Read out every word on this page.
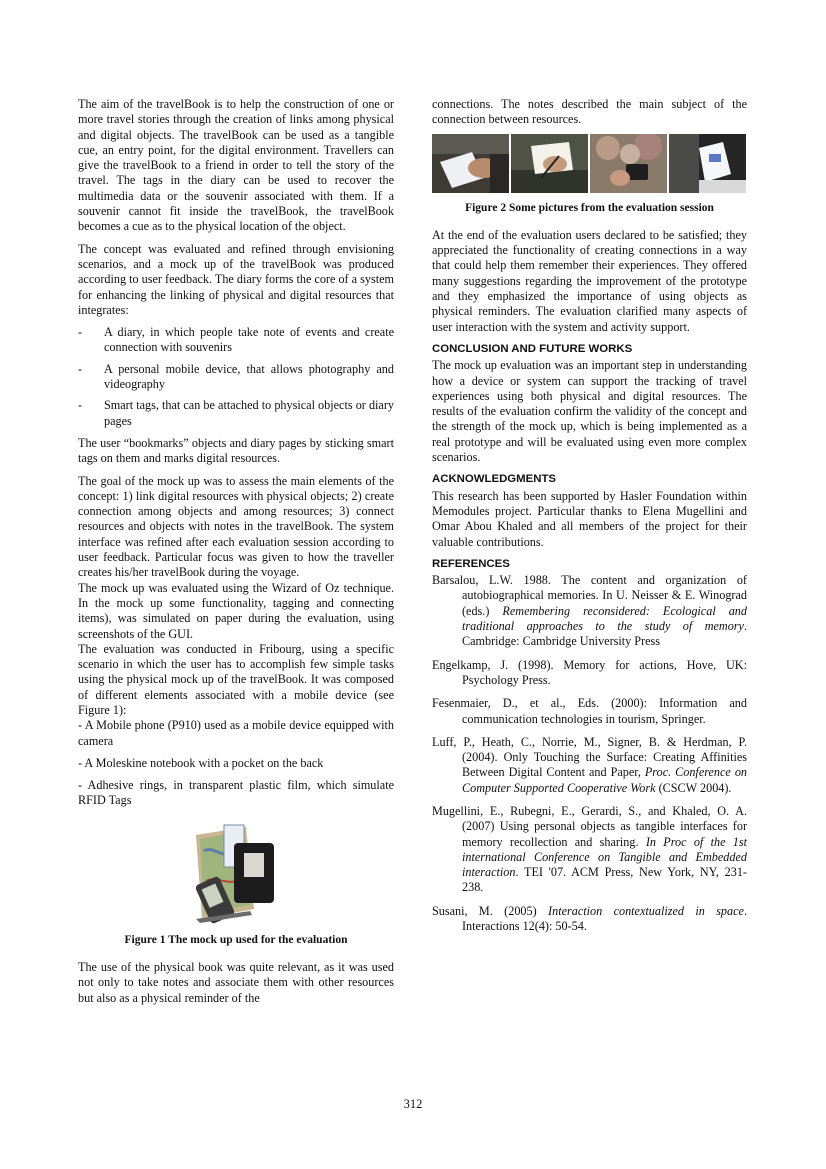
The aim of the travelBook is to help the construction of one or more travel stories through the creation of links among physical and digital objects. The travelBook can be used as a tangible cue, an entry point, for the digital environment. Travellers can give the travelBook to a friend in order to tell the story of the travel. The tags in the diary can be used to recover the multimedia data or the souvenir associated with them. If a souvenir cannot fit inside the travelBook, the travelBook becomes a cue as to the physical location of the object.

The concept was evaluated and refined through envisioning scenarios, and a mock up of the travelBook was produced according to user feedback. The diary forms the core of a system for enhancing the linking of physical and digital resources that integrates:

- A diary, in which people take note of events and create connection with souvenirs
- A personal mobile device, that allows photography and videography
- Smart tags, that can be attached to physical objects or diary pages

The user “bookmarks” objects and diary pages by sticking smart tags on them and marks digital resources.

The goal of the mock up was to assess the main elements of the concept: 1) link digital resources with physical objects; 2) create connection among objects and among resources; 3) connect resources and objects with notes in the travelBook. The system interface was refined after each evaluation session according to user feedback. Particular focus was given to how the traveller creates his/her travelBook during the voyage.

The mock up was evaluated using the Wizard of Oz technique. In the mock up some functionality, tagging and connecting items), was simulated on paper during the evaluation, using screenshots of the GUI.

The evaluation was conducted in Fribourg, using a specific scenario in which the user has to accomplish few simple tasks using the physical mock up of the travelBook. It was composed of different elements associated with a mobile device (see Figure 1):

- A Mobile phone (P910) used as a mobile device equipped with camera

- A Moleskine notebook with a pocket on the back

- Adhesive rings, in transparent plastic film, which simulate RFID Tags

Figure 1 The mock up used for the evaluation

The use of the physical book was quite relevant, as it was used not only to take notes and associate them with other resources but also as a physical reminder of the

connections. The notes described the main subject of the connection between resources.

Figure 2 Some pictures from the evaluation session

At the end of the evaluation users declared to be satisfied; they appreciated the functionality of creating connections in a way that could help them remember their experiences. They offered many suggestions regarding the improvement of the prototype and they emphasized the importance of using objects as physical reminders. The evaluation clarified many aspects of user interaction with the system and activity support.

CONCLUSION AND FUTURE WORKS

The mock up evaluation was an important step in understanding how a device or system can support the tracking of travel experiences using both physical and digital resources. The results of the evaluation confirm the validity of the concept and the strength of the mock up, which is being implemented as a real prototype and will be evaluated using even more complex scenarios.

ACKNOWLEDGMENTS

This research has been supported by Hasler Foundation within Memodules project. Particular thanks to Elena Mugellini and Omar Abou Khaled and all members of the project for their valuable contributions.

REFERENCES

Barsalou, L.W. 1988. The content and organization of autobiographical memories. In U. Neisser & E. Winograd (eds.) Remembering reconsidered: Ecological and traditional approaches to the study of memory. Cambridge: Cambridge University Press

Engelkamp, J. (1998). Memory for actions, Hove, UK: Psychology Press.

Fesenmaier, D., et al., Eds. (2000): Information and communication technologies in tourism, Springer.

Luff, P., Heath, C., Norrie, M., Signer, B. & Herdman, P. (2004). Only Touching the Surface: Creating Affinities Between Digital Content and Paper, Proc. Conference on Computer Supported Cooperative Work (CSCW 2004).

Mugellini, E., Rubegni, E., Gerardi, S., and Khaled, O. A. (2007) Using personal objects as tangible interfaces for memory recollection and sharing. In Proc of the 1st international Conference on Tangible and Embedded interaction. TEI '07. ACM Press, New York, NY, 231-238.

Susani, M. (2005) Interaction contextualized in space. Interactions 12(4): 50-54.

312
